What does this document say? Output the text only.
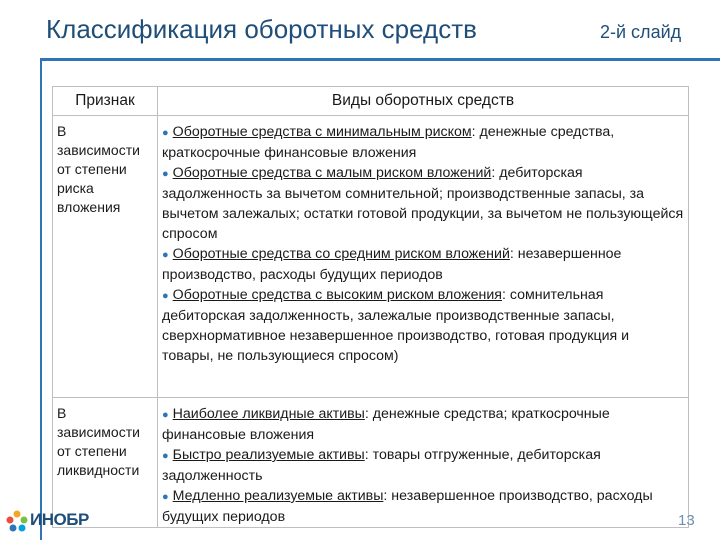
Классификация оборотных средств	2-й слайд
Признак	Виды оборотных средств
В зависимости от степени риска вложения	● Оборотные средства с минимальным риском: денежные средства, краткосрочные финансовые вложения
● Оборотные средства с малым риском вложений: дебиторская задолженность за вычетом сомнительной; производственные запасы, за вычетом залежалых; остатки готовой продукции, за вычетом не пользующейся спросом
● Оборотные средства со средним риском вложений: незавершенное производство, расходы будущих периодов
● Оборотные средства с высоким риском вложения: сомнительная дебиторская задолженность, залежалые производственные запасы, сверхнормативное незавершенное производство, готовая продукция и товары, не пользующиеся спросом)

В зависимости от степени ликвидности	● Наиболее ликвидные активы: денежные средства; краткосрочные финансовые вложения
● Быстро реализуемые активы: товары отгруженные, дебиторская задолженность
● Медленно реализуемые активы: незавершенное производство, расходы будущих периодов
ИНОБР	13
